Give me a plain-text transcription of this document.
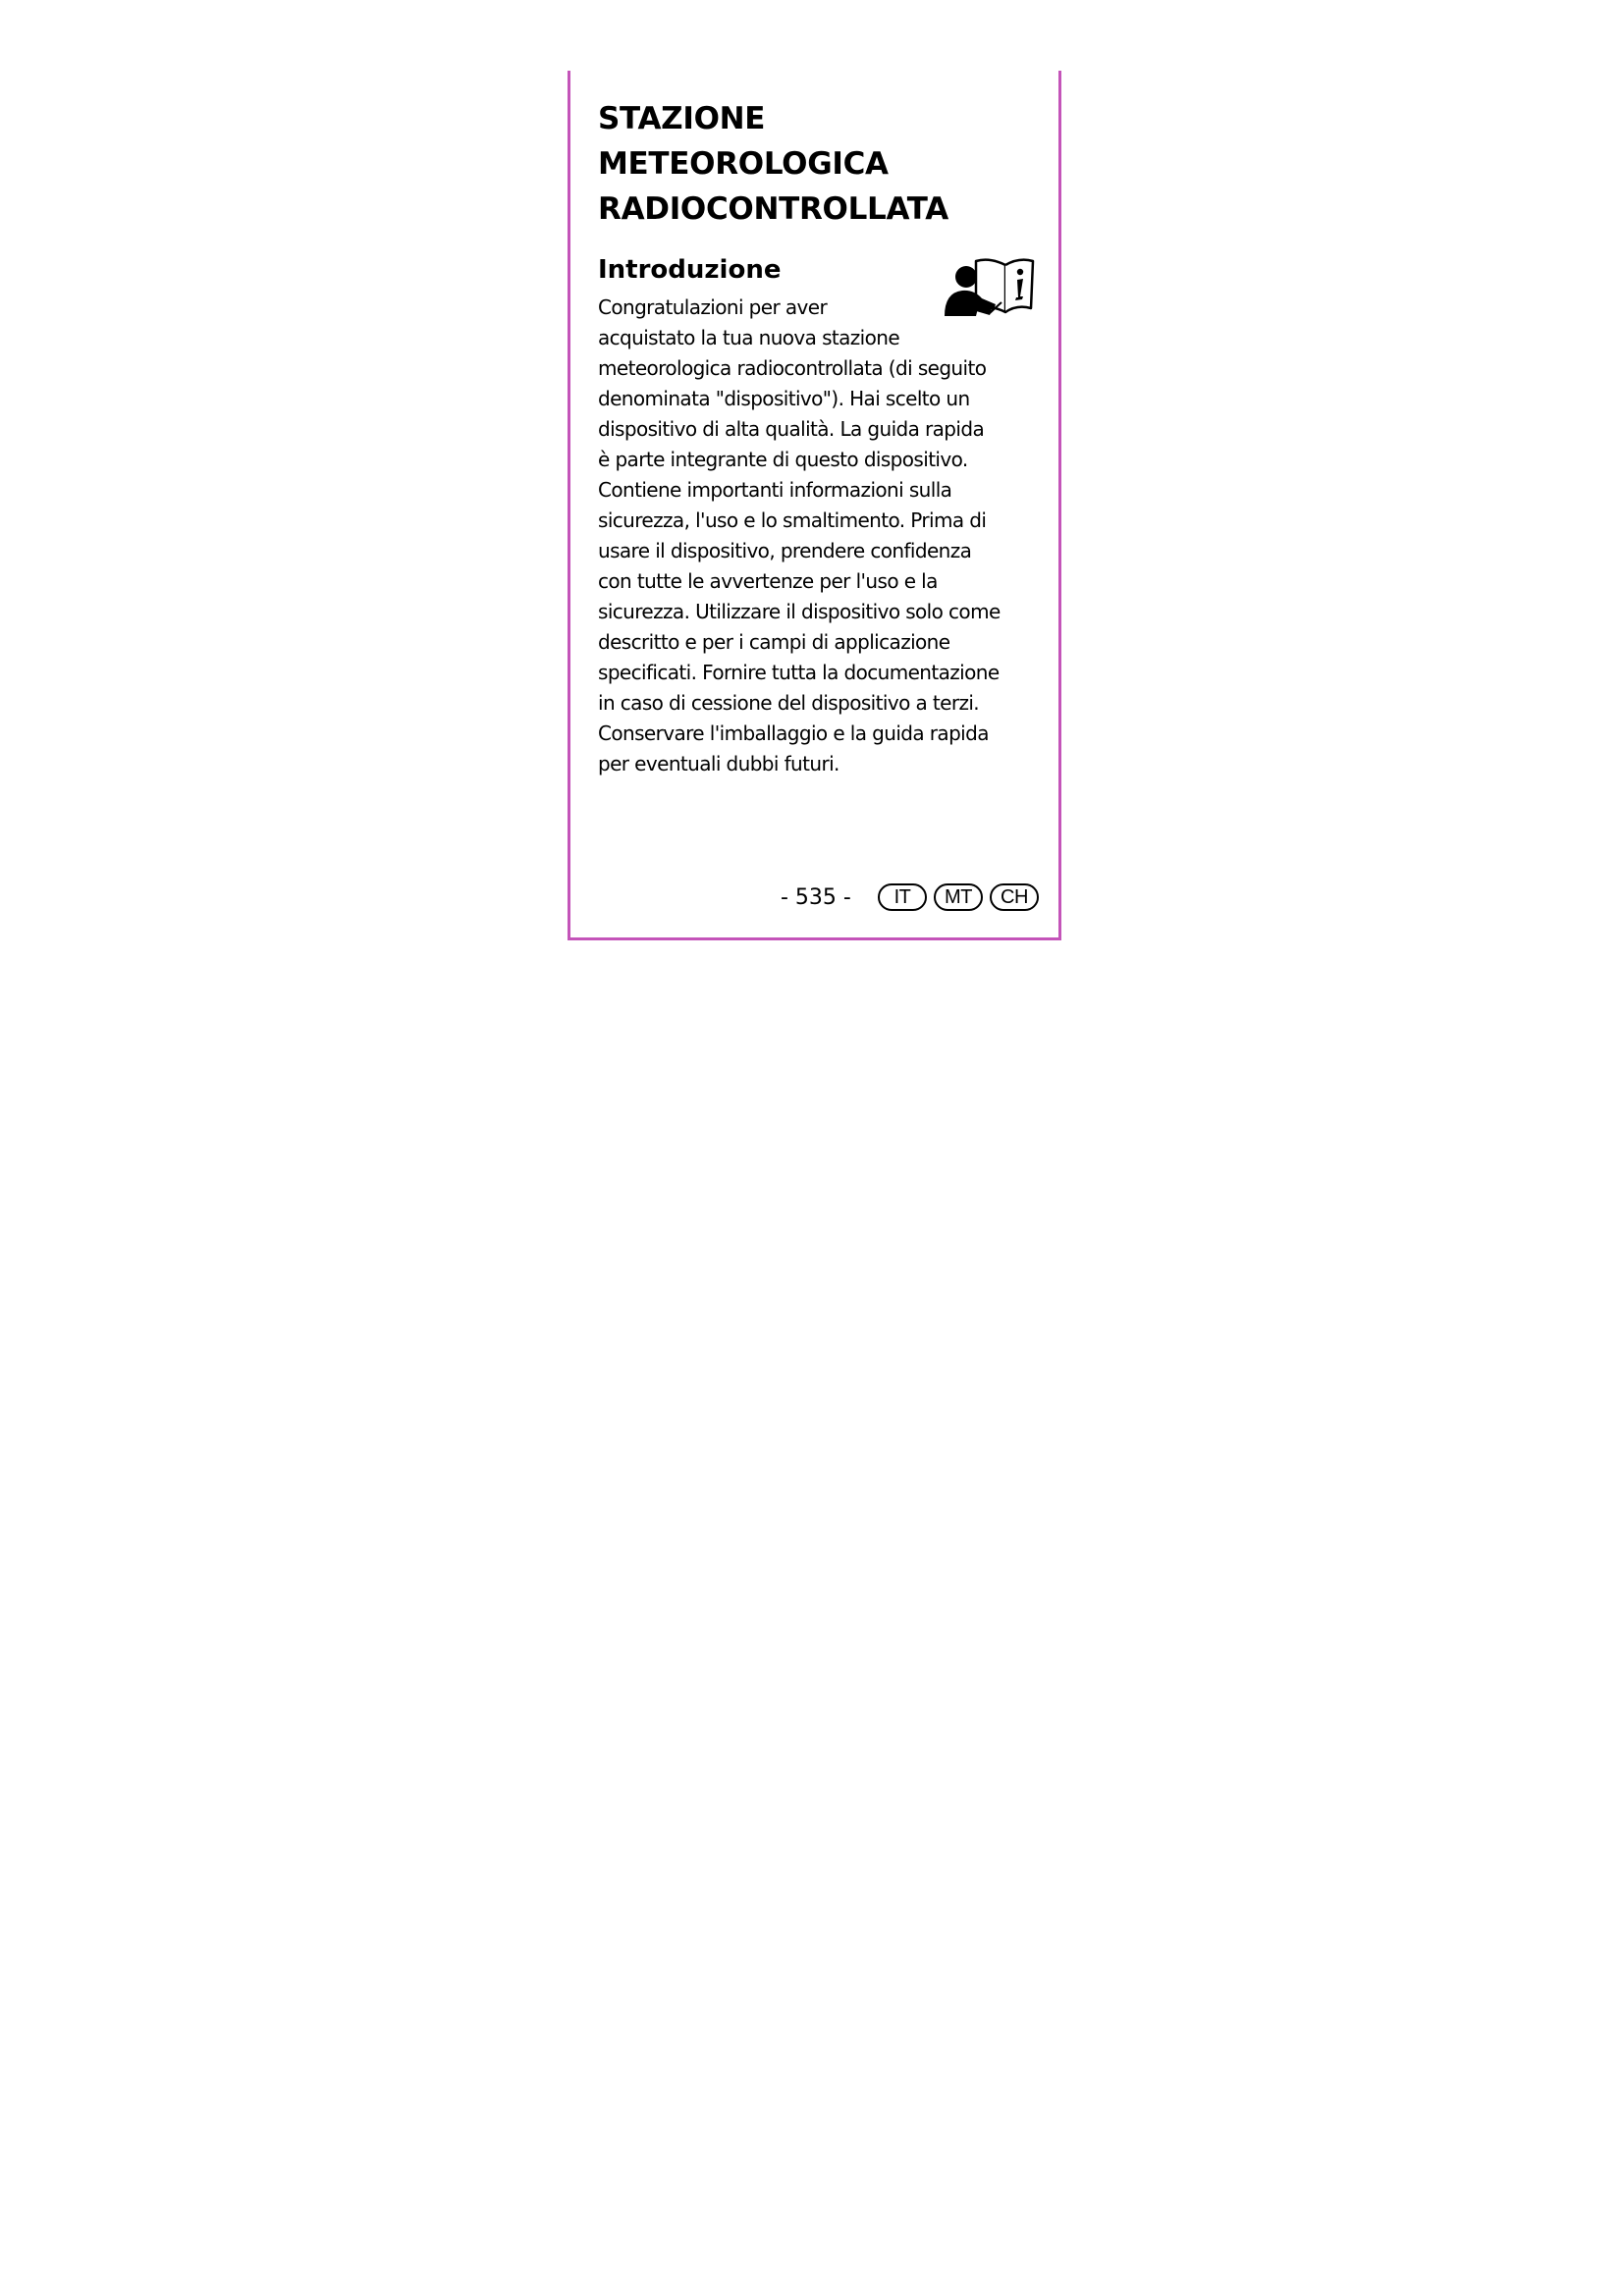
STAZIONE
METEOROLOGICA
RADIOCONTROLLATA
Introduzione
Congratulazioni per aver
acquistato la tua nuova stazione
meteorologica radiocontrollata (di seguito
denominata "dispositivo"). Hai scelto un
dispositivo di alta qualità. La guida rapida
è parte integrante di questo dispositivo.
Contiene importanti informazioni sulla
sicurezza, l'uso e lo smaltimento. Prima di
usare il dispositivo, prendere confidenza
con tutte le avvertenze per l'uso e la
sicurezza. Utilizzare il dispositivo solo come
descritto e per i campi di applicazione
specificati. Fornire tutta la documentazione
in caso di cessione del dispositivo a terzi.
Conservare l'imballaggio e la guida rapida
per eventuali dubbi futuri.
- 535 -	IT	MT	CH
